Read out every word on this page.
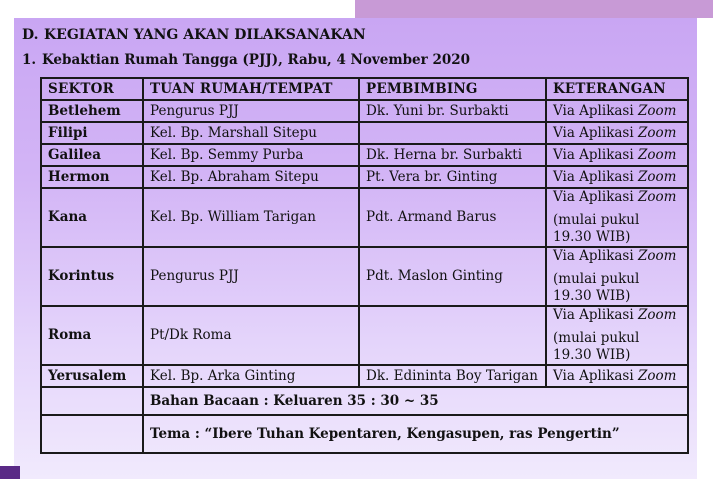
D. KEGIATAN YANG AKAN DILAKSANAKAN
1. Kebaktian Rumah Tangga (PJJ), Rabu, 4 November 2020
SEKTOR	TUAN RUMAH/TEMPAT	PEMBIMBING	KETERANGAN
Betlehem	Pengurus PJJ	Dk. Yuni br. Surbakti	Via Aplikasi Zoom
Filipi	Kel. Bp. Marshall Sitepu		Via Aplikasi Zoom
Galilea	Kel. Bp. Semmy Purba	Dk. Herna br. Surbakti	Via Aplikasi Zoom
Hermon	Kel. Bp. Abraham Sitepu	Pt. Vera br. Ginting	Via Aplikasi Zoom
Kana	Kel. Bp. William Tarigan	Pdt. Armand Barus	Via Aplikasi Zoom
(mulai pukul 19.30 WIB)

Korintus	Pengurus PJJ	Pdt. Maslon Ginting	Via Aplikasi Zoom
(mulai pukul 19.30 WIB)

Roma	Pt/Dk Roma		Via Aplikasi Zoom
(mulai pukul 19.30 WIB)

Yerusalem	Kel. Bp. Arka Ginting	Dk. Edininta Boy Tarigan	Via Aplikasi Zoom
	Bahan Bacaan : Keluaren 35 : 30 ~ 35		
	Tema : “Ibere Tuhan Kepentaren, Kengasupen, ras Pengertin”		
